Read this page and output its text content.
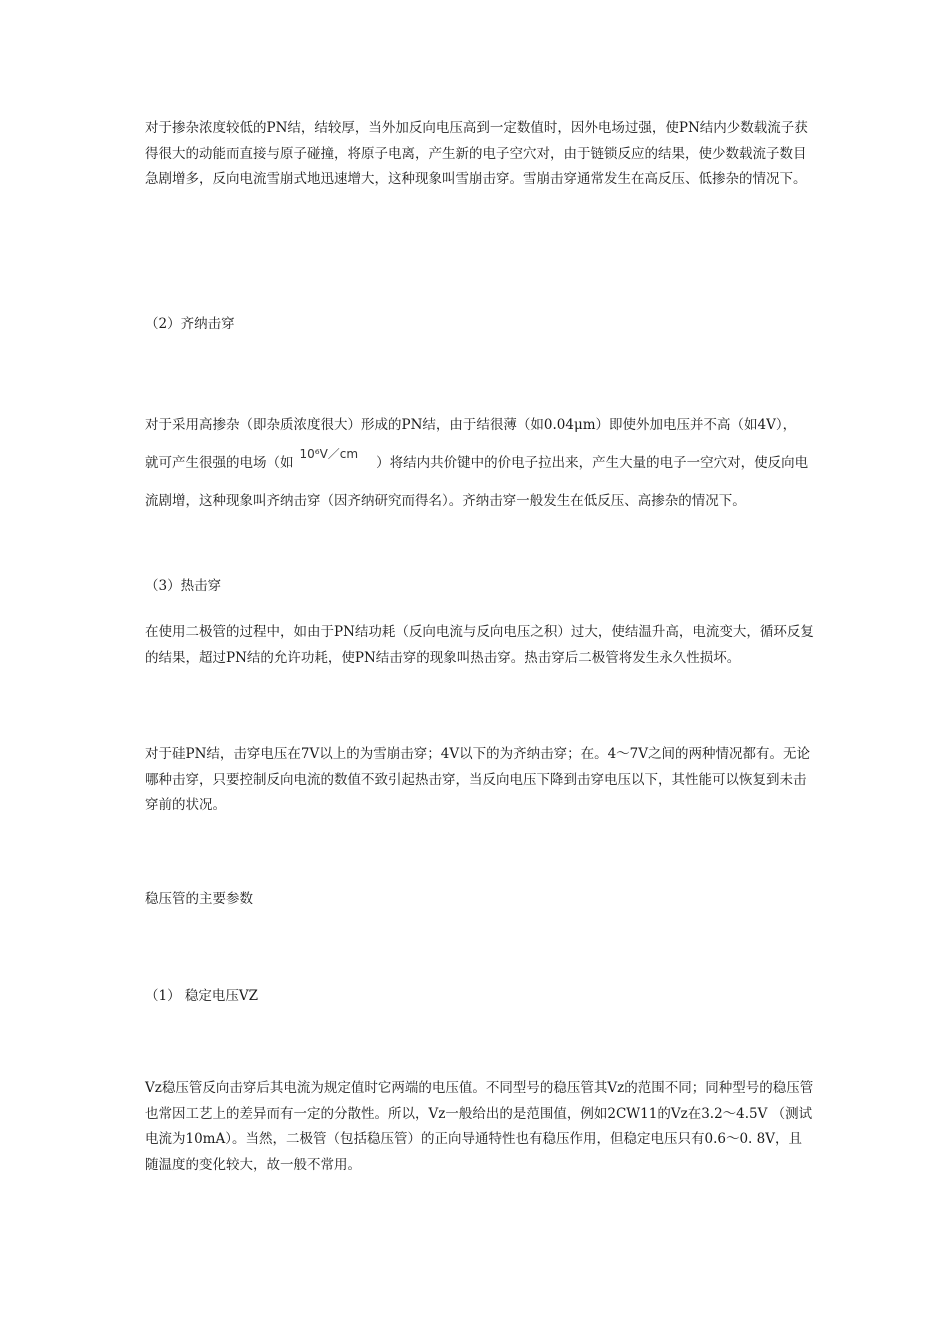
对于掺杂浓度较低的PN结，结较厚，当外加反向电压高到一定数值时，因外电场过强，使PN结内少数载流子获得很大的动能而直接与原子碰撞，将原子电离，产生新的电子空穴对，由于链锁反应的结果，使少数载流子数目急剧增多，反向电流雪崩式地迅速增大，这种现象叫雪崩击穿。雪崩击穿通常发生在高反压、低掺杂的情况下。
（2）齐纳击穿
对于采用高掺杂（即杂质浓度很大）形成的PN结，由于结很薄（如0.04μm）即使外加电压并不高（如4V），
就可产生很强的电场（如10⁶V／cm）将结内共价键中的价电子拉出来，产生大量的电子一空穴对，使反向电流剧增，这种现象叫齐纳击穿（因齐纳研究而得名）。齐纳击穿一般发生在低反压、高掺杂的情况下。
（3）热击穿
在使用二极管的过程中，如由于PN结功耗（反向电流与反向电压之积）过大，使结温升高，电流变大，循环反复的结果，超过PN结的允许功耗，使PN结击穿的现象叫热击穿。热击穿后二极管将发生永久性损坏。
对于硅PN结，击穿电压在7V以上的为雪崩击穿；4V以下的为齐纳击穿；在。4～7V之间的两种情况都有。无论哪种击穿，只要控制反向电流的数值不致引起热击穿，当反向电压下降到击穿电压以下，其性能可以恢复到未击穿前的状况。
稳压管的主要参数
（1） 稳定电压VZ
Vz稳压管反向击穿后其电流为规定值时它两端的电压值。不同型号的稳压管其Vz的范围不同；同种型号的稳压管也常因工艺上的差异而有一定的分散性。所以，Vz一般给出的是范围值，例如2CW11的Vz在3.2～4.5V （测试电流为10mA）。当然，二极管（包括稳压管）的正向导通特性也有稳压作用，但稳定电压只有0.6～0. 8V，且随温度的变化较大，故一般不常用。
